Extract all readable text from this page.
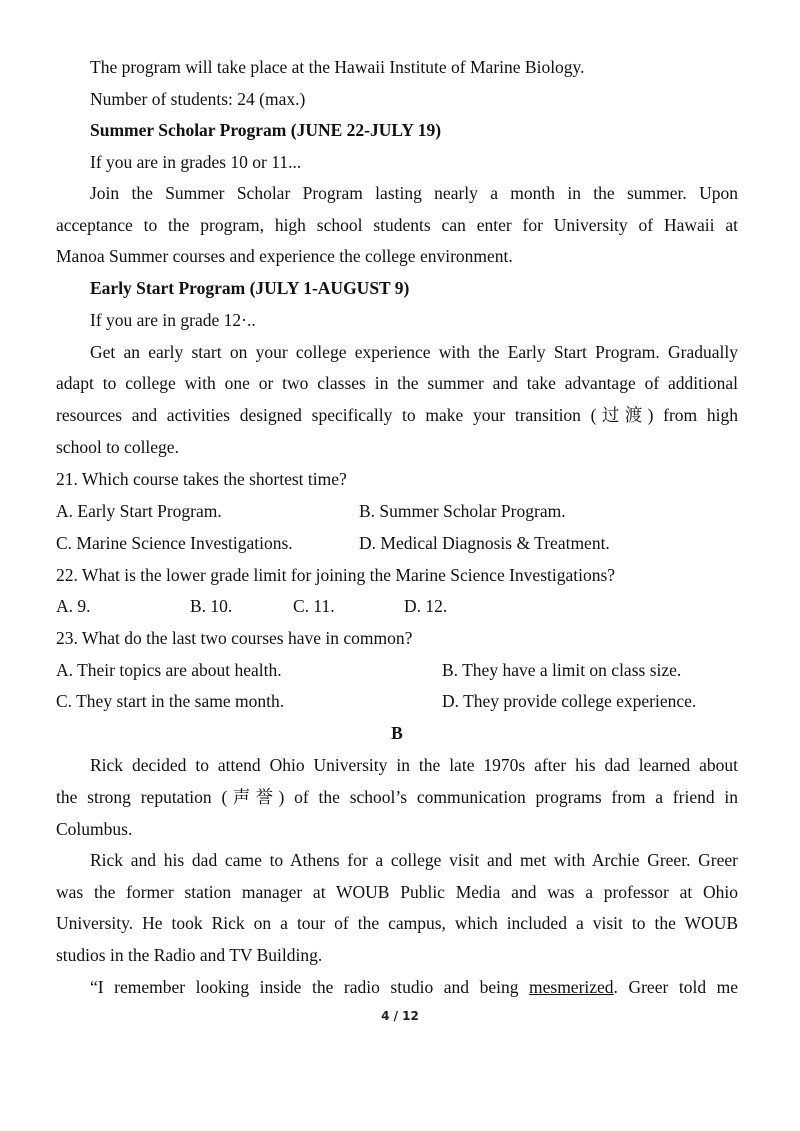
The program will take place at the Hawaii Institute of Marine Biology.
Number of students: 24 (max.)
Summer Scholar Program (JUNE 22-JULY 19)
If you are in grades 10 or 11...
Join the Summer Scholar Program lasting nearly a month in the summer. Upon
acceptance to the program, high school students can enter for University of Hawaii at
Manoa Summer courses and experience the college environment.
Early Start Program (JULY 1-AUGUST 9)
If you are in grade 12·..
Get an early start on your college experience with the Early Start Program. Gradually
adapt to college with one or two classes in the summer and take advantage of additional
resources and activities designed specifically to make your transition (过渡) from high
school to college.
21. Which course takes the shortest time?
A. Early Start Program.	B. Summer Scholar Program.
C. Marine Science Investigations.	D. Medical Diagnosis & Treatment.
22. What is the lower grade limit for joining the Marine Science Investigations?
A. 9.	B. 10.	C. 11.	D. 12.
23. What do the last two courses have in common?
A. Their topics are about health.	B. They have a limit on class size.
C. They start in the same month.	D. They provide college experience.
B
Rick decided to attend Ohio University in the late 1970s after his dad learned about
the strong reputation (声誉) of the school’s communication programs from a friend in
Columbus.
Rick and his dad came to Athens for a college visit and met with Archie Greer. Greer
was the former station manager at WOUB Public Media and was a professor at Ohio
University. He took Rick on a tour of the campus, which included a visit to the WOUB
studios in the Radio and TV Building.
“I remember looking inside the radio studio and being mesmerized. Greer told me
4 / 12
